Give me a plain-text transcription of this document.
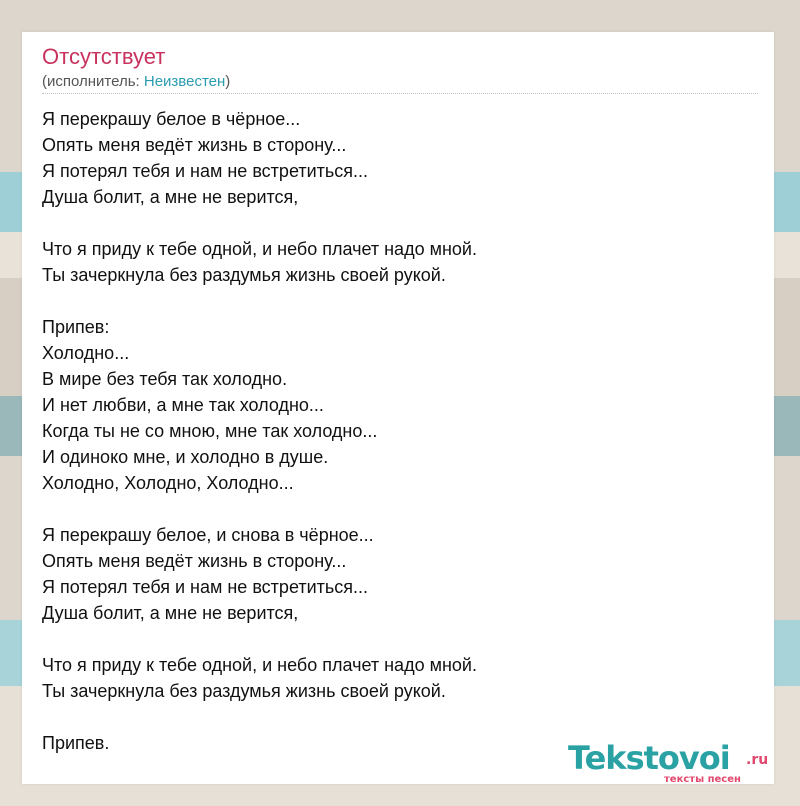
Отсутствует
(исполнитель: Неизвестен)
Я перекрашу белое в чёрное...
Опять меня ведёт жизнь в сторону...
Я потерял тебя и нам не встретиться...
Душа болит, а мне не верится,
Что я приду к тебе одной, и небо плачет надо мной.
Ты зачеркнула без раздумья жизнь своей рукой.
Припев:
Холодно...
В мире без тебя так холодно.
И нет любви, а мне так холодно...
Когда ты не со мною, мне так холодно...
И одиноко мне, и холодно в душе.
Холодно, Холодно, Холодно...
Я перекрашу белое, и снова в чёрное...
Опять меня ведёт жизнь в сторону...
Я потерял тебя и нам не встретиться...
Душа болит, а мне не верится,
Что я приду к тебе одной, и небо плачет надо мной.
Ты зачеркнула без раздумья жизнь своей рукой.
Припев.	Tekstovoi .ru
тексты песен
